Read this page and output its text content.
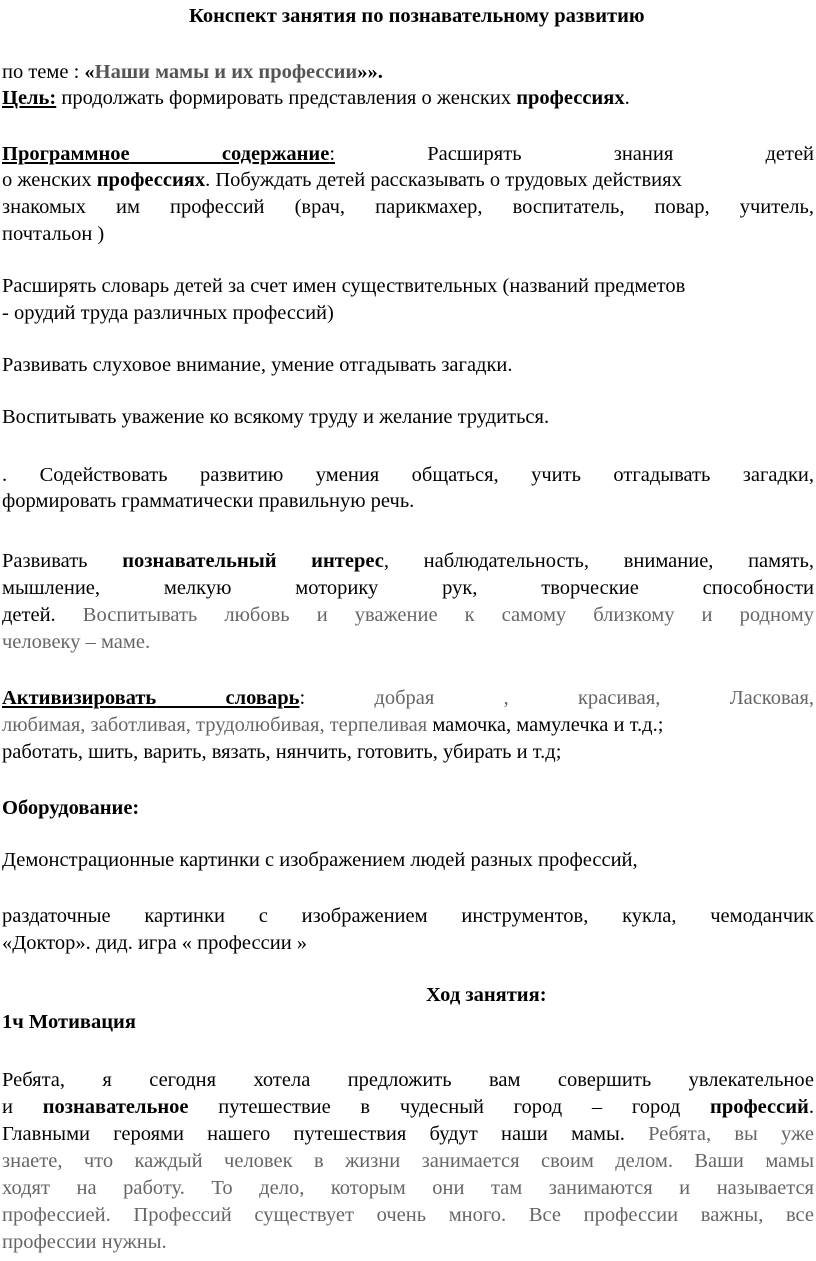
Конспект занятия по познавательному развитию
по теме : «Наши мамы и их профессии»».
Цель: продолжать формировать представления о женских профессиях.
Программное	содержание:	Расширять	знания	детей
о женских профессиях. Побуждать детей рассказывать о трудовых действиях
знакомых им профессий (врач, парикмахер, воспитатель, повар, учитель,
почтальон )
Расширять словарь детей за счет имен существительных (названий предметов
- орудий труда различных профессий)
Развивать слуховое внимание, умение отгадывать загадки.
Воспитывать уважение ко всякому труду и желание трудиться.
. Содействовать развитию умения общаться, учить отгадывать загадки,
формировать грамматически правильную речь.
Развивать познавательный интерес, наблюдательность, внимание, память,
мышление, мелкую моторику рук, творческие способности
детей. Воспитывать любовь и уважение к самому близкому и родному
человеку – маме.
Активизировать	словарь:	добрая	,	красивая,	Ласковая,
любимая, заботливая, трудолюбивая, терпеливая мамочка, мамулечка и т.д.;
работать, шить, варить, вязать, нянчить, готовить, убирать и т.д;
Оборудование:
Демонстрационные картинки с изображением людей разных профессий,
раздаточные картинки с изображением инструментов, кукла, чемоданчик
«Доктор». дид. игра « профессии »
Ход занятия:
1ч Мотивация
Ребята, я сегодня хотела предложить вам совершить увлекательное
и познавательное путешествие в чудесный город – город профессий.
Главными героями нашего путешествия будут наши мамы. Ребята, вы уже
знаете, что каждый человек в жизни занимается своим делом. Ваши мамы
ходят на работу. То дело, которым они там занимаются и называется
профессией. Профессий существует очень много. Все профессии важны, все
профессии нужны.
